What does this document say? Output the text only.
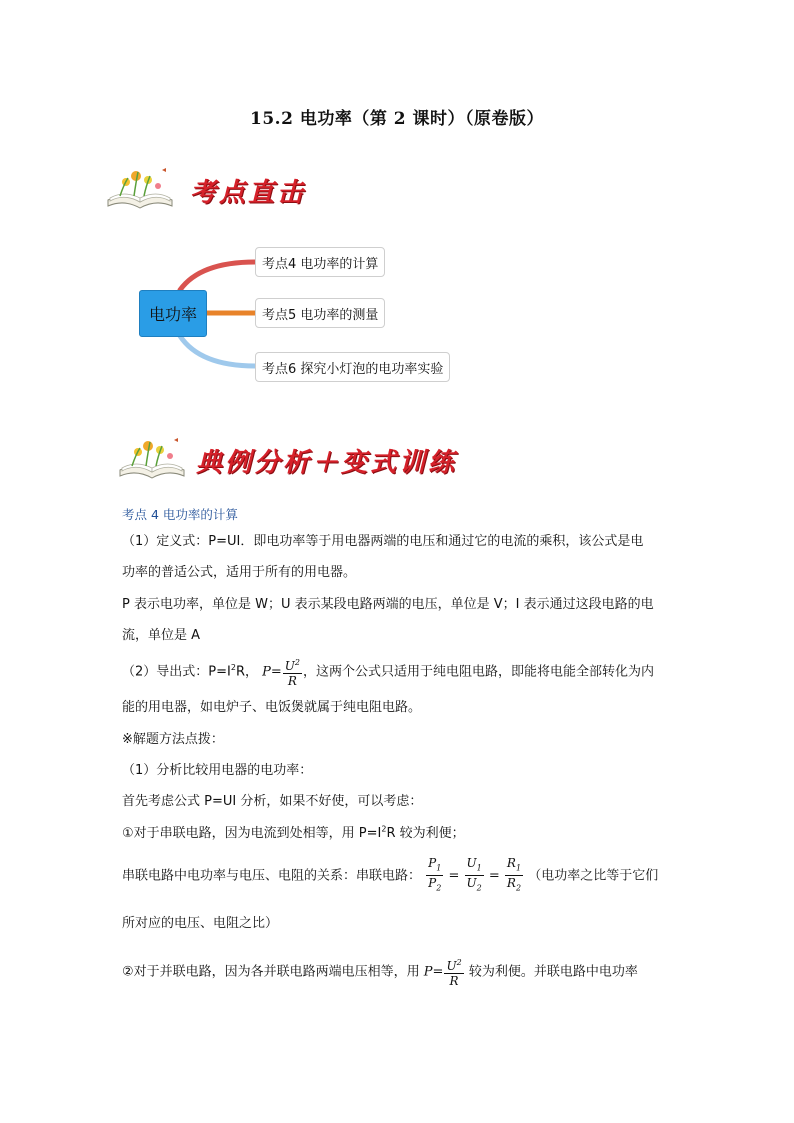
15.2 电功率（第 2 课时）（原卷版）
考点直击
电功率
考点4 电功率的计算
考点5 电功率的测量
考点6 探究小灯泡的电功率实验
典例分析＋变式训练
考点 4 电功率的计算
（1）定义式：P=UI．即电功率等于用电器两端的电压和通过它的电流的乘积，该公式是电
功率的普适公式，适用于所有的用电器。
P 表示电功率，单位是 W；U 表示某段电路两端的电压，单位是 V；I 表示通过这段电路的电
流，单位是 A
（2）导出式：$P=I^2R$， $P= \frac{U^2}{R}$ ，这两个公式只适用于纯电阻电路，即能将电能全部转化为内
能的用电器，如电炉子、电饭煲就属于纯电阻电路。
※解题方法点拨：
（1）分析比较用电器的电功率：
首先考虑公式 P=UI 分析，如果不好使，可以考虑：
①对于串联电路，因为电流到处相等，用 $P=I^2R$ 较为利便；
串联电路中电功率与电压、电阻的关系：串联电路： $\frac{P_1}{P_2} = \frac{U_1}{U_2} = \frac{R_1}{R_2}$ （电功率之比等于它们
所对应的电压、电阻之比）
②对于并联电路，因为各并联电路两端电压相等，用 $P= \frac{U^2}{R}$ 较为利便。并联电路中电功率
